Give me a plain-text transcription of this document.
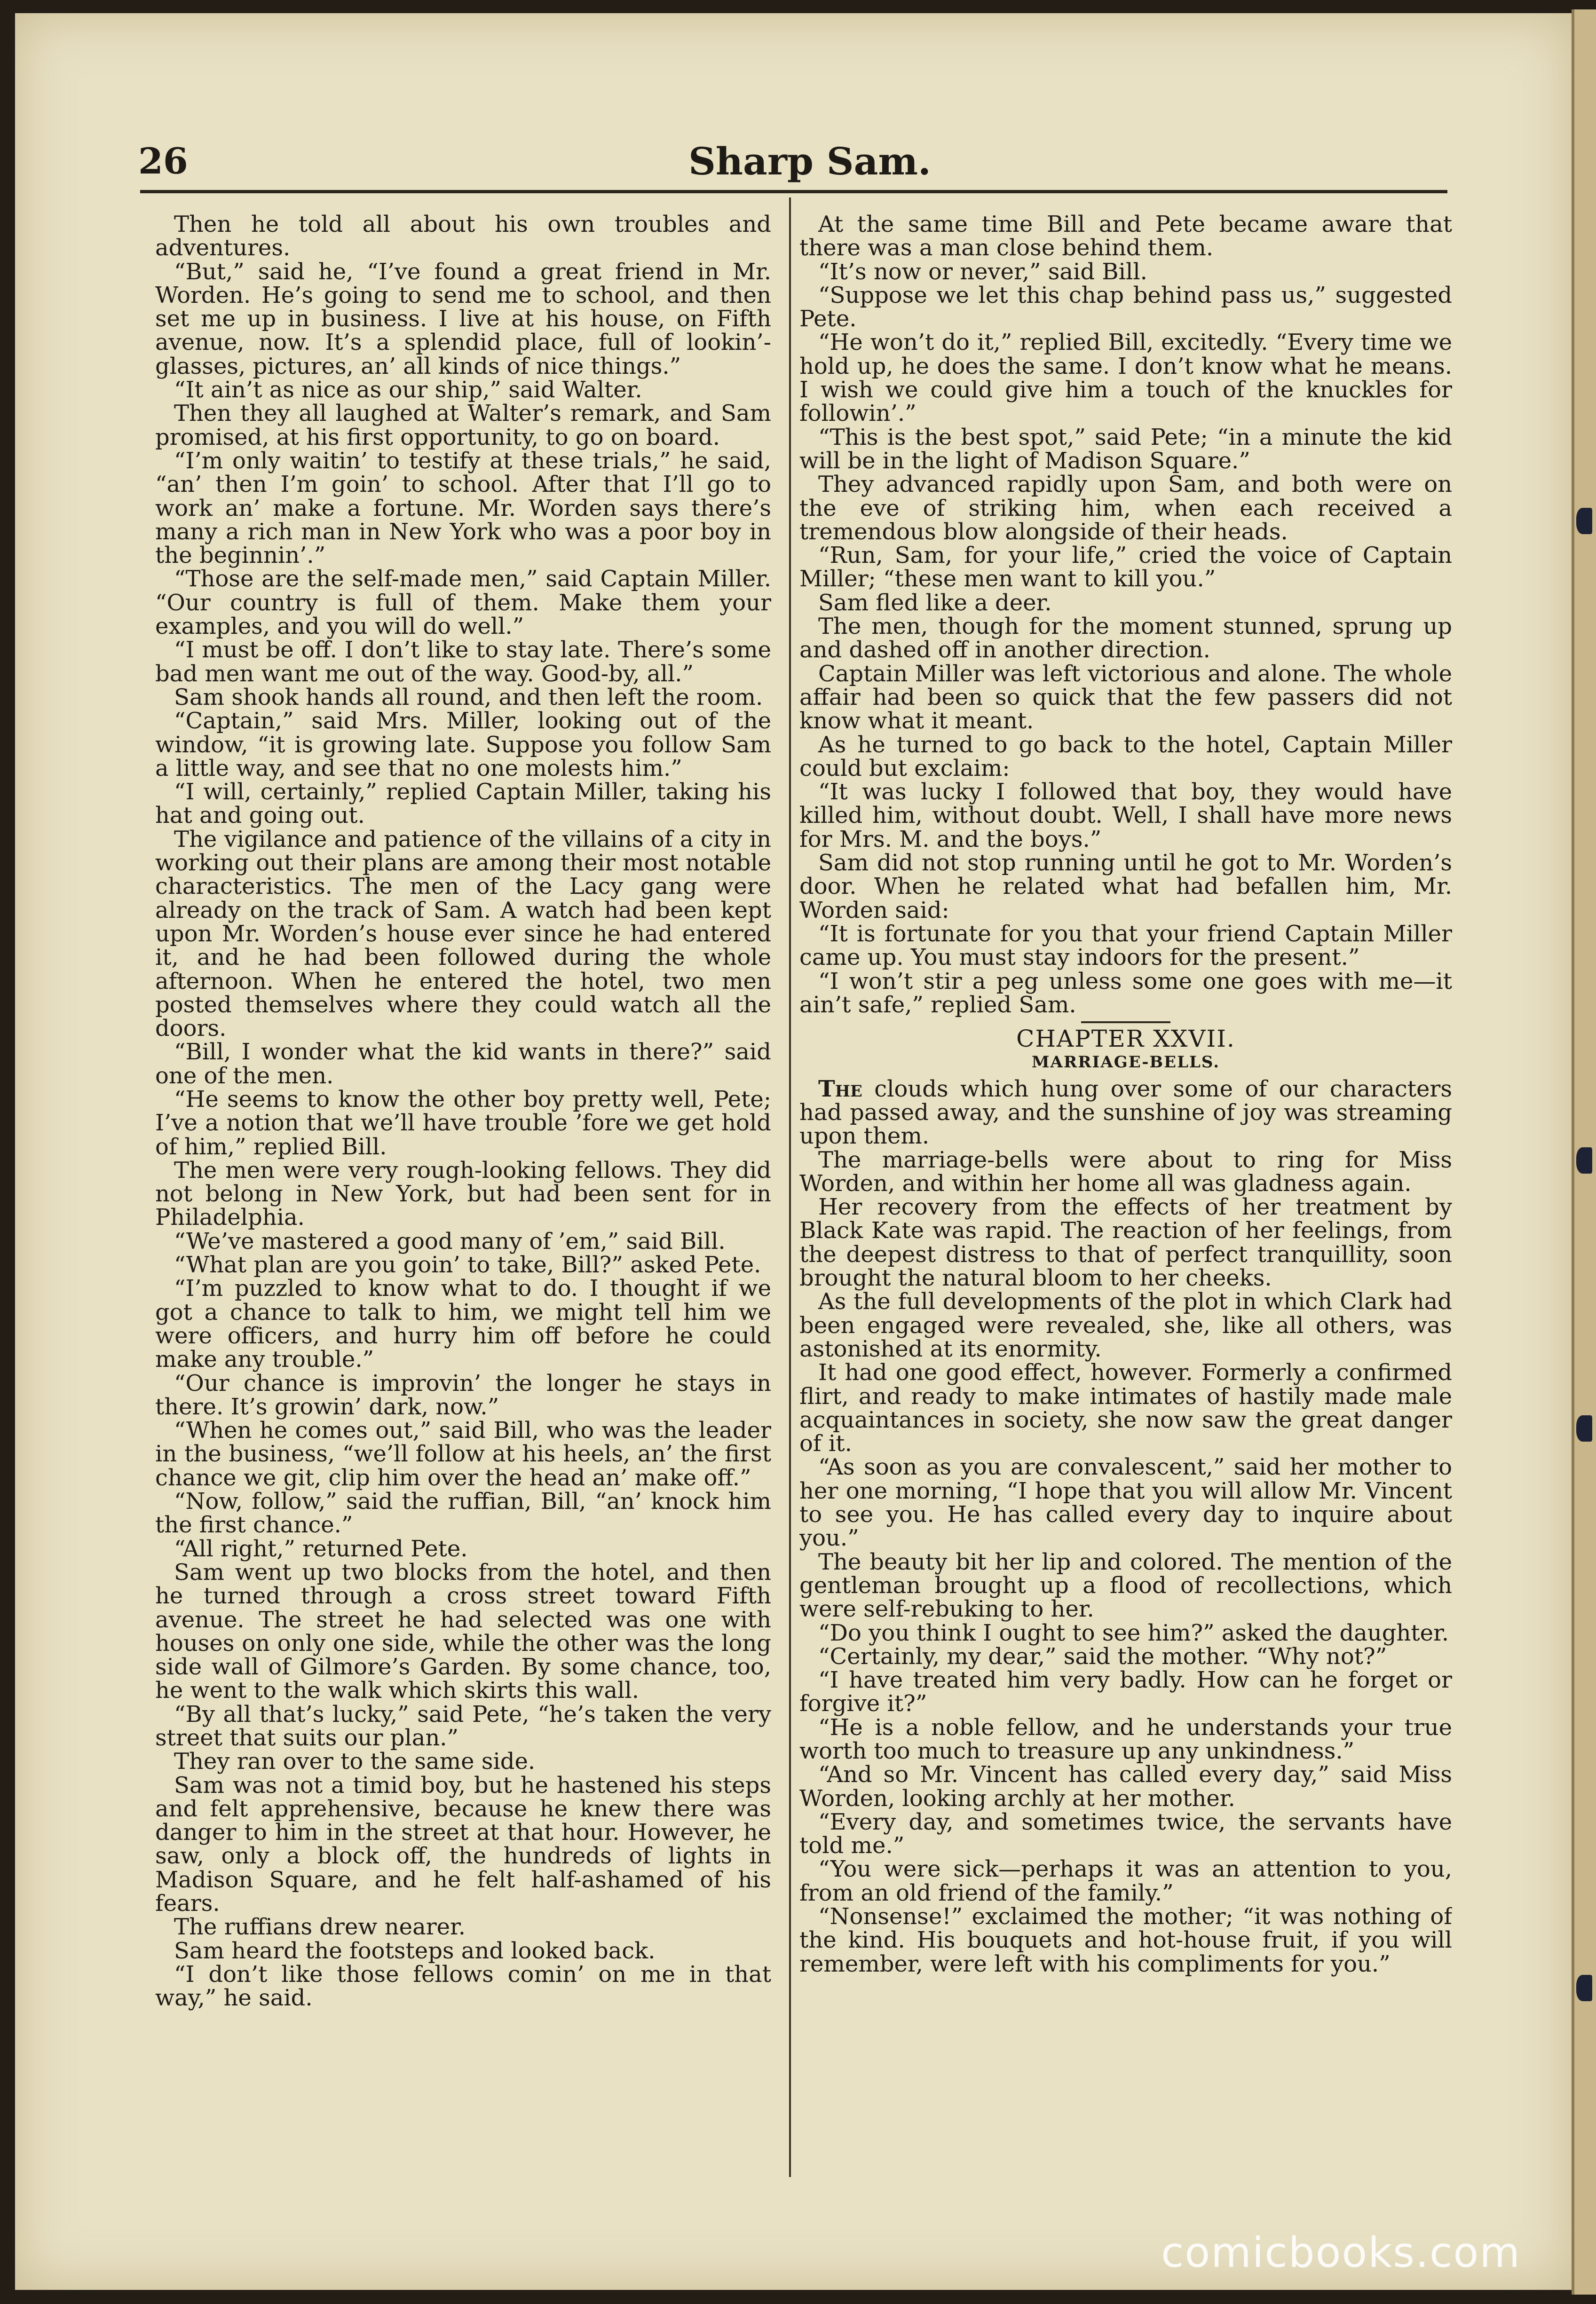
26	Sharp Sam.

Then he told all about his own troubles and adventures.

“But,” said he, “I’ve found a great friend in Mr. Worden. He’s going to send me to school, and then set me up in business. I live at his house, on Fifth avenue, now. It’s a splendid place, full of lookin’-glasses, pictures, an’ all kinds of nice things.”

“It ain’t as nice as our ship,” said Walter.

Then they all laughed at Walter’s remark, and Sam promised, at his first opportunity, to go on board.

“I’m only waitin’ to testify at these trials,” he said, “an’ then I’m goin’ to school. After that I’ll go to work an’ make a fortune. Mr. Worden says there’s many a rich man in New York who was a poor boy in the beginnin’.”

“Those are the self-made men,” said Captain Miller. “Our country is full of them. Make them your examples, and you will do well.”

“I must be off. I don’t like to stay late. There’s some bad men want me out of the way. Good-by, all.”

Sam shook hands all round, and then left the room.

“Captain,” said Mrs. Miller, looking out of the window, “it is growing late. Suppose you follow Sam a little way, and see that no one molests him.”

“I will, certainly,” replied Captain Miller, taking his hat and going out.

The vigilance and patience of the villains of a city in working out their plans are among their most notable characteristics. The men of the Lacy gang were already on the track of Sam. A watch had been kept upon Mr. Worden’s house ever since he had entered it, and he had been followed during the whole afternoon. When he entered the hotel, two men posted themselves where they could watch all the doors.

“Bill, I wonder what the kid wants in there?” said one of the men.

“He seems to know the other boy pretty well, Pete; I’ve a notion that we’ll have trouble ’fore we get hold of him,” replied Bill.

The men were very rough-looking fellows. They did not belong in New York, but had been sent for in Philadelphia.

“We’ve mastered a good many of ’em,” said Bill.

“What plan are you goin’ to take, Bill?” asked Pete.

“I’m puzzled to know what to do. I thought if we got a chance to talk to him, we might tell him we were officers, and hurry him off before he could make any trouble.”

“Our chance is improvin’ the longer he stays in there. It’s growin’ dark, now.”

“When he comes out,” said Bill, who was the leader in the business, “we’ll follow at his heels, an’ the first chance we git, clip him over the head an’ make off.”

“Now, follow,” said the ruffian, Bill, “an’ knock him the first chance.”

“All right,” returned Pete.

Sam went up two blocks from the hotel, and then he turned through a cross street toward Fifth avenue. The street he had selected was one with houses on only one side, while the other was the long side wall of Gilmore’s Garden. By some chance, too, he went to the walk which skirts this wall.

“By all that’s lucky,” said Pete, “he’s taken the very street that suits our plan.”

They ran over to the same side.

Sam was not a timid boy, but he hastened his steps and felt apprehensive, because he knew there was danger to him in the street at that hour. However, he saw, only a block off, the hundreds of lights in Madison Square, and he felt half-ashamed of his fears.

The ruffians drew nearer.

Sam heard the footsteps and looked back.

“I don’t like those fellows comin’ on me in that way,” he said.

At the same time Bill and Pete became aware that there was a man close behind them.

“It’s now or never,” said Bill.

“Suppose we let this chap behind pass us,” suggested Pete.

“He won’t do it,” replied Bill, excitedly. “Every time we hold up, he does the same. I don’t know what he means. I wish we could give him a touch of the knuckles for followin’.”

“This is the best spot,” said Pete; “in a minute the kid will be in the light of Madison Square.”

They advanced rapidly upon Sam, and both were on the eve of striking him, when each received a tremendous blow alongside of their heads.

“Run, Sam, for your life,” cried the voice of Captain Miller; “these men want to kill you.”

Sam fled like a deer.

The men, though for the moment stunned, sprung up and dashed off in another direction.

Captain Miller was left victorious and alone. The whole affair had been so quick that the few passers did not know what it meant.

As he turned to go back to the hotel, Captain Miller could but exclaim:

“It was lucky I followed that boy, they would have killed him, without doubt. Well, I shall have more news for Mrs. M. and the boys.”

Sam did not stop running until he got to Mr. Worden’s door. When he related what had befallen him, Mr. Worden said:

“It is fortunate for you that your friend Captain Miller came up. You must stay indoors for the present.”

“I won’t stir a peg unless some one goes with me—it ain’t safe,” replied Sam.

CHAPTER XXVII.
MARRIAGE-BELLS.

The clouds which hung over some of our characters had passed away, and the sunshine of joy was streaming upon them.

The marriage-bells were about to ring for Miss Worden, and within her home all was gladness again.

Her recovery from the effects of her treatment by Black Kate was rapid. The reaction of her feelings, from the deepest distress to that of perfect tranquillity, soon brought the natural bloom to her cheeks.

As the full developments of the plot in which Clark had been engaged were revealed, she, like all others, was astonished at its enormity.

It had one good effect, however. Formerly a confirmed flirt, and ready to make intimates of hastily made male acquaintances in society, she now saw the great danger of it.

“As soon as you are convalescent,” said her mother to her one morning, “I hope that you will allow Mr. Vincent to see you. He has called every day to inquire about you.”

The beauty bit her lip and colored. The mention of the gentleman brought up a flood of recollections, which were self-rebuking to her.

“Do you think I ought to see him?” asked the daughter.

“Certainly, my dear,” said the mother. “Why not?”

“I have treated him very badly. How can he forget or forgive it?”

“He is a noble fellow, and he understands your true worth too much to treasure up any unkindness.”

“And so Mr. Vincent has called every day,” said Miss Worden, looking archly at her mother.

“Every day, and sometimes twice, the servants have told me.”

“You were sick—perhaps it was an attention to you, from an old friend of the family.”

“Nonsense!” exclaimed the mother; “it was nothing of the kind. His bouquets and hot-house fruit, if you will remember, were left with his compliments for you.”

comicbooks.com
